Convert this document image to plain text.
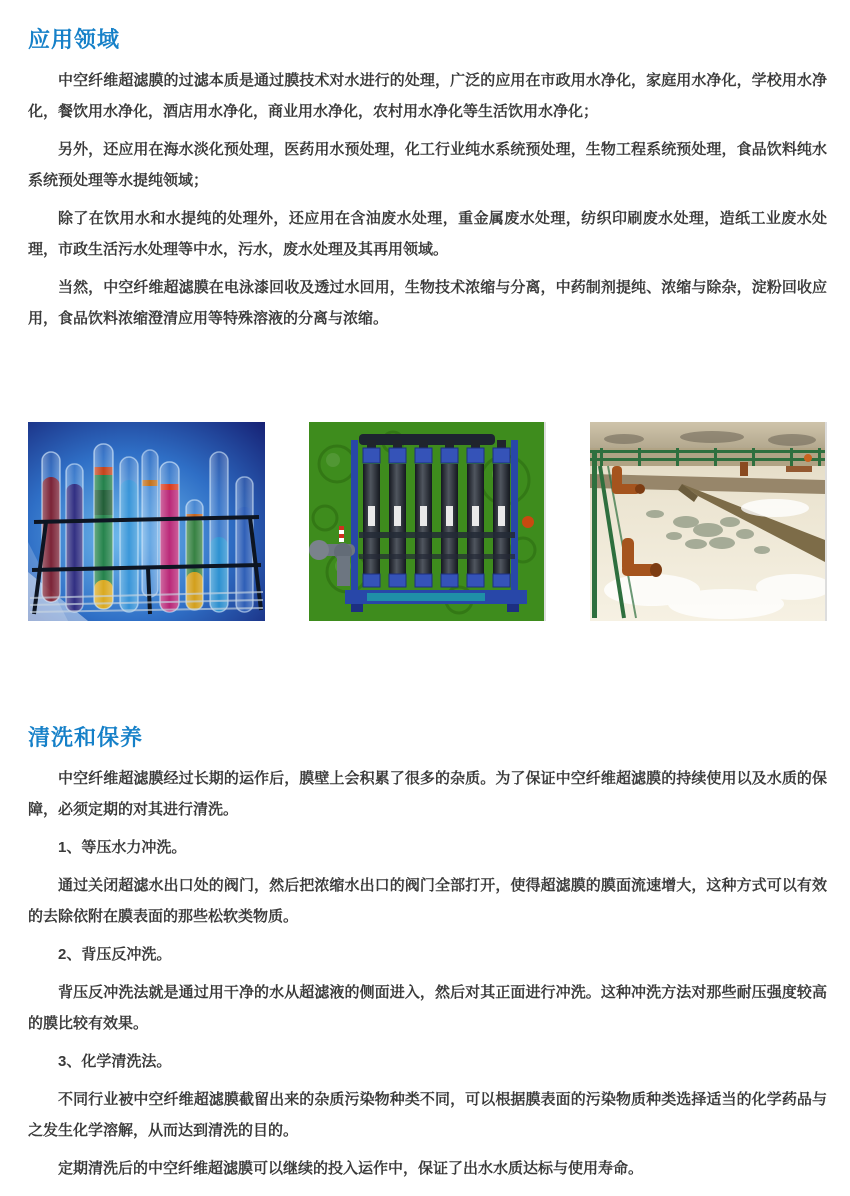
应用领域

中空纤维超滤膜的过滤本质是通过膜技术对水进行的处理，广泛的应用在市政用水净化，家庭用水净化，学校用水净化，餐饮用水净化，酒店用水净化，商业用水净化，农村用水净化等生活饮用水净化；

另外，还应用在海水淡化预处理，医药用水预处理，化工行业纯水系统预处理，生物工程系统预处理，食品饮料纯水系统预处理等水提纯领域；

除了在饮用水和水提纯的处理外，还应用在含油废水处理，重金属废水处理，纺织印刷废水处理，造纸工业废水处理，市政生活污水处理等中水，污水，废水处理及其再用领域。

当然，中空纤维超滤膜在电泳漆回收及透过水回用，生物技术浓缩与分离，中药制剂提纯、浓缩与除杂，淀粉回收应用，食品饮料浓缩澄清应用等特殊溶液的分离与浓缩。

清洗和保养

中空纤维超滤膜经过长期的运作后，膜壁上会积累了很多的杂质。为了保证中空纤维超滤膜的持续使用以及水质的保障，必须定期的对其进行清洗。

1、等压水力冲洗。

通过关闭超滤水出口处的阀门，然后把浓缩水出口的阀门全部打开，使得超滤膜的膜面流速增大，这种方式可以有效的去除依附在膜表面的那些松软类物质。

2、背压反冲洗。

背压反冲洗法就是通过用干净的水从超滤液的侧面进入，然后对其正面进行冲洗。这种冲洗方法对那些耐压强度较高的膜比较有效果。

3、化学清洗法。

不同行业被中空纤维超滤膜截留出来的杂质污染物种类不同，可以根据膜表面的污染物质种类选择适当的化学药品与之发生化学溶解，从而达到清洗的目的。

定期清洗后的中空纤维超滤膜可以继续的投入运作中，保证了出水水质达标与使用寿命。
